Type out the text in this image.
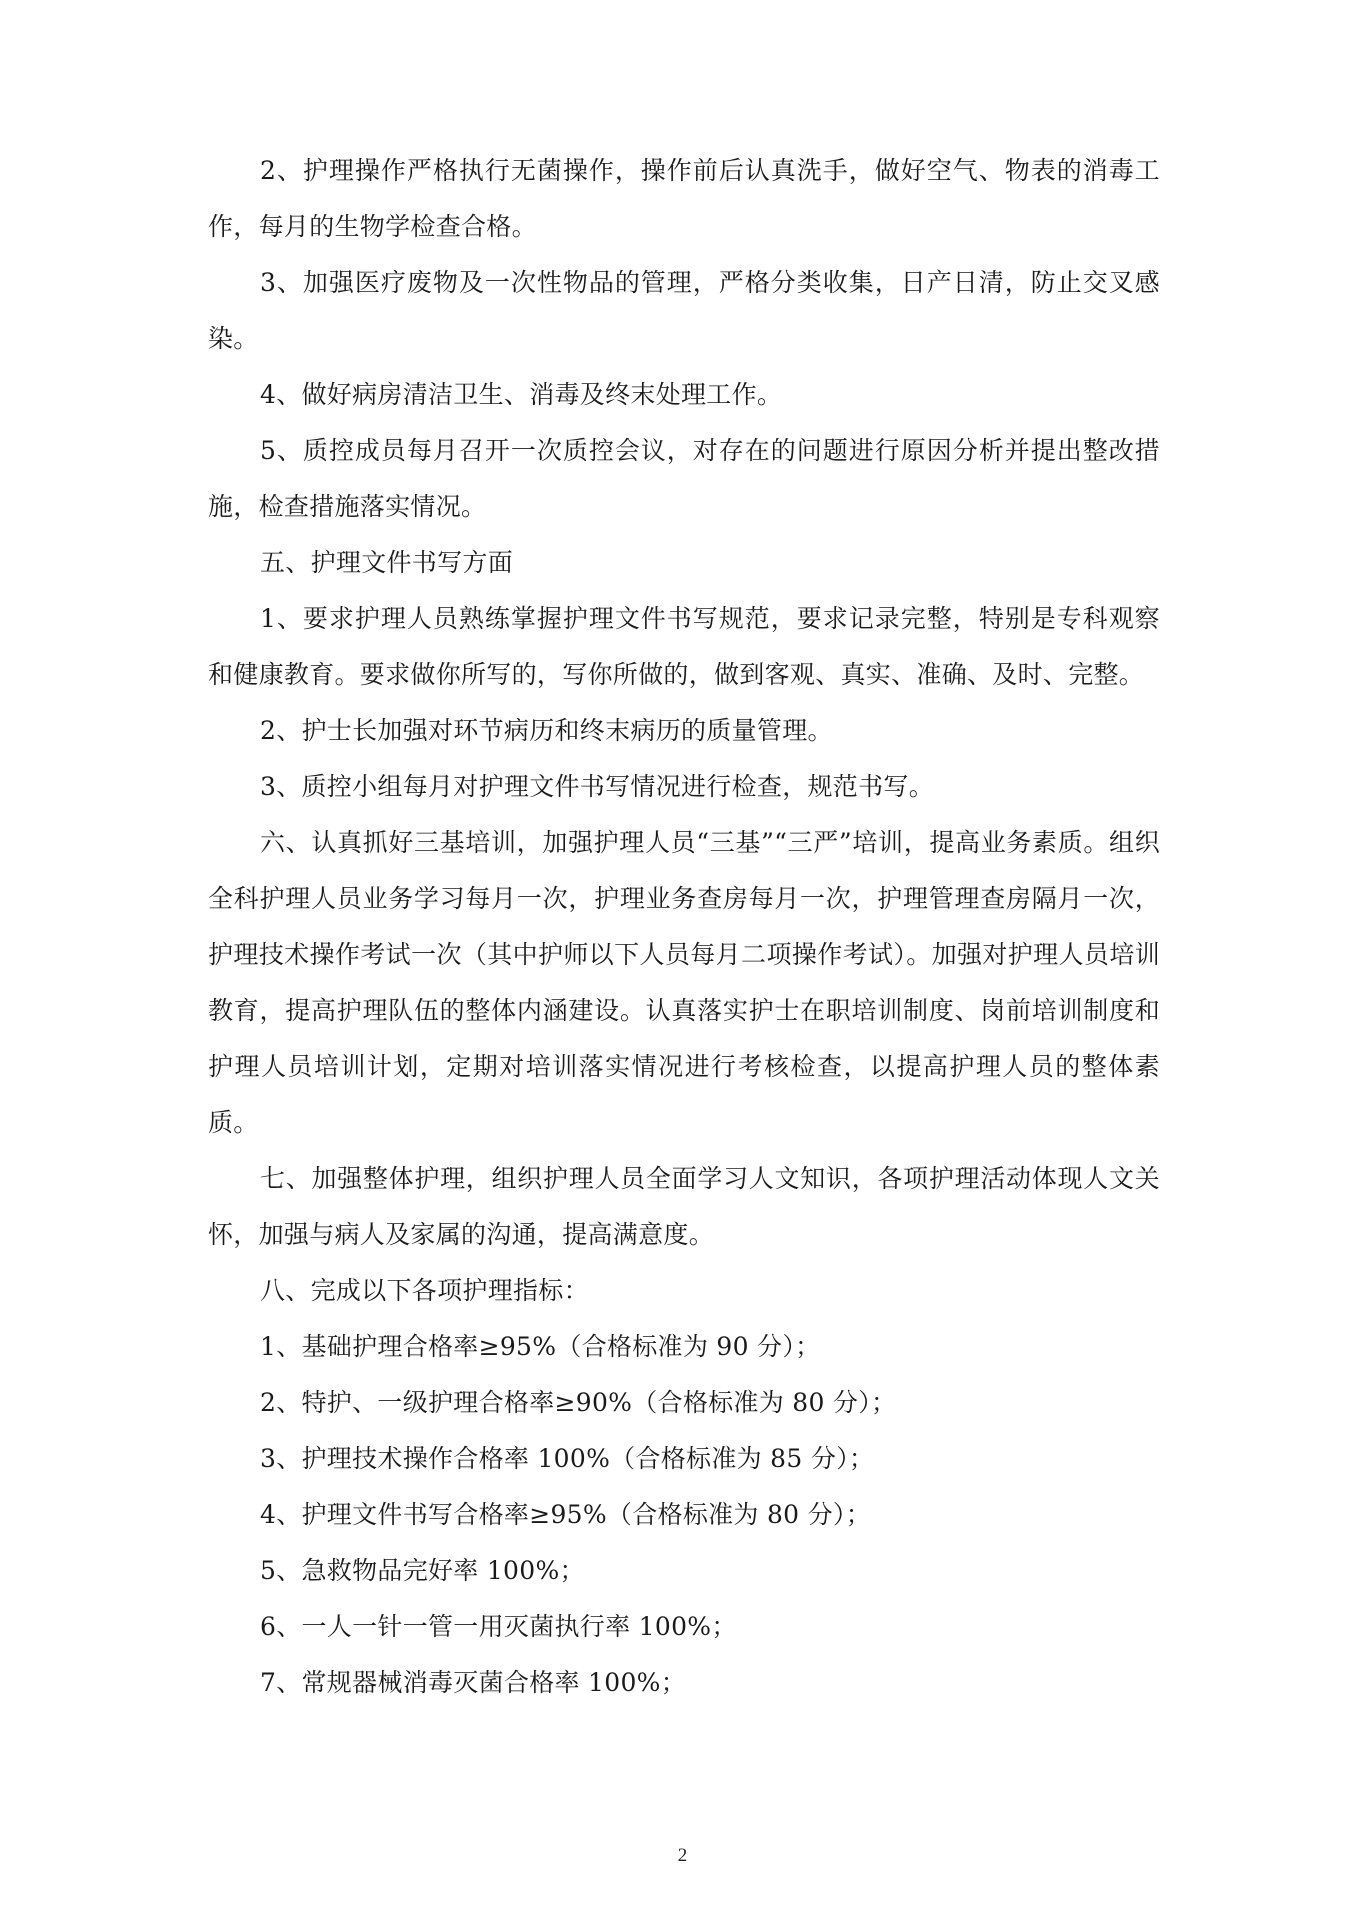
2、护理操作严格执行无菌操作，操作前后认真洗手，做好空气、物表的消毒工作，每月的生物学检查合格。

3、加强医疗废物及一次性物品的管理，严格分类收集，日产日清，防止交叉感染。

4、做好病房清洁卫生、消毒及终末处理工作。

5、质控成员每月召开一次质控会议，对存在的问题进行原因分析并提出整改措施，检查措施落实情况。

五、护理文件书写方面

1、要求护理人员熟练掌握护理文件书写规范，要求记录完整，特别是专科观察和健康教育。要求做你所写的，写你所做的，做到客观、真实、准确、及时、完整。

2、护士长加强对环节病历和终末病历的质量管理。

3、质控小组每月对护理文件书写情况进行检查，规范书写。

六、认真抓好三基培训，加强护理人员“三基”“三严”培训，提高业务素质。组织全科护理人员业务学习每月一次，护理业务查房每月一次，护理管理查房隔月一次，护理技术操作考试一次（其中护师以下人员每月二项操作考试）。加强对护理人员培训教育，提高护理队伍的整体内涵建设。认真落实护士在职培训制度、岗前培训制度和护理人员培训计划，定期对培训落实情况进行考核检查，以提高护理人员的整体素质。

七、加强整体护理，组织护理人员全面学习人文知识，各项护理活动体现人文关怀，加强与病人及家属的沟通，提高满意度。

八、完成以下各项护理指标：

1、基础护理合格率≥95%（合格标准为 90 分）；

2、特护、一级护理合格率≥90%（合格标准为 80 分）；

3、护理技术操作合格率 100%（合格标准为 85 分）；

4、护理文件书写合格率≥95%（合格标准为 80 分）；

5、急救物品完好率 100%；

6、一人一针一管一用灭菌执行率 100%；

7、常规器械消毒灭菌合格率 100%；

2
